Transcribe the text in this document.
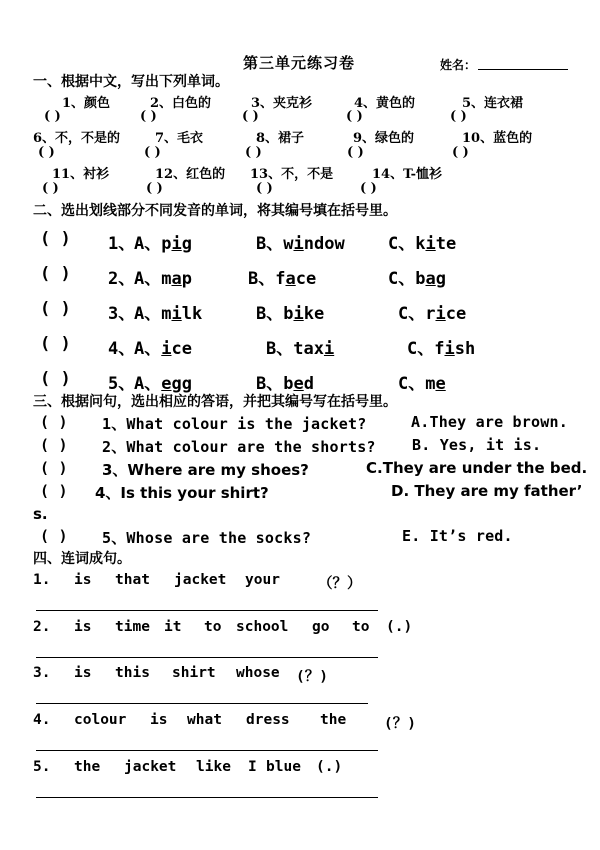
第三单元练习卷	姓名：
一、根据中文，写出下列单词。
1、颜色	2、白色的	3、夹克衫	4、黄色的	5、连衣裙
( )	( )	( )	( )	( )
6、不，不是的	7、毛衣	8、裙子	9、绿色的	10、蓝色的
( )	( )	( )	( )	( )
11、衬衫	12、红色的 13、不，不是	14、T-恤衫
( )	( )	( )	( )
二、选出划线部分不同发音的单词，将其编号填在括号里。
( ) 1、
A、pig	B、window	C、kite
( ) 2、
A、map	B、face	C、bag
( ) 3、
A、milk	B、bike	C、rice
( ) 4、
A、ice	B、taxi	C、fish
( ) 5、
A、egg	B、bed	C、me
三、根据问句，选出相应的答语，并把其编号写在括号里。
( ) 1、What colour is the jacket?	A.They are brown.
( ) 2、What colour are the shorts? B. Yes, it is.
( ) 3、Where are my shoes?	C.They are under the bed.
( ) 4、Is this your shirt?	D. They are my father’
s.
( ) 5、Whose are the socks?	E. It’s red.
四、连词成句。
1. is that jacket your	（？）
2. is time it to school go to (.)
3. is this shirt whose (？)
4. colour is what dress the	(？)
5. the jacket like I blue (.)
